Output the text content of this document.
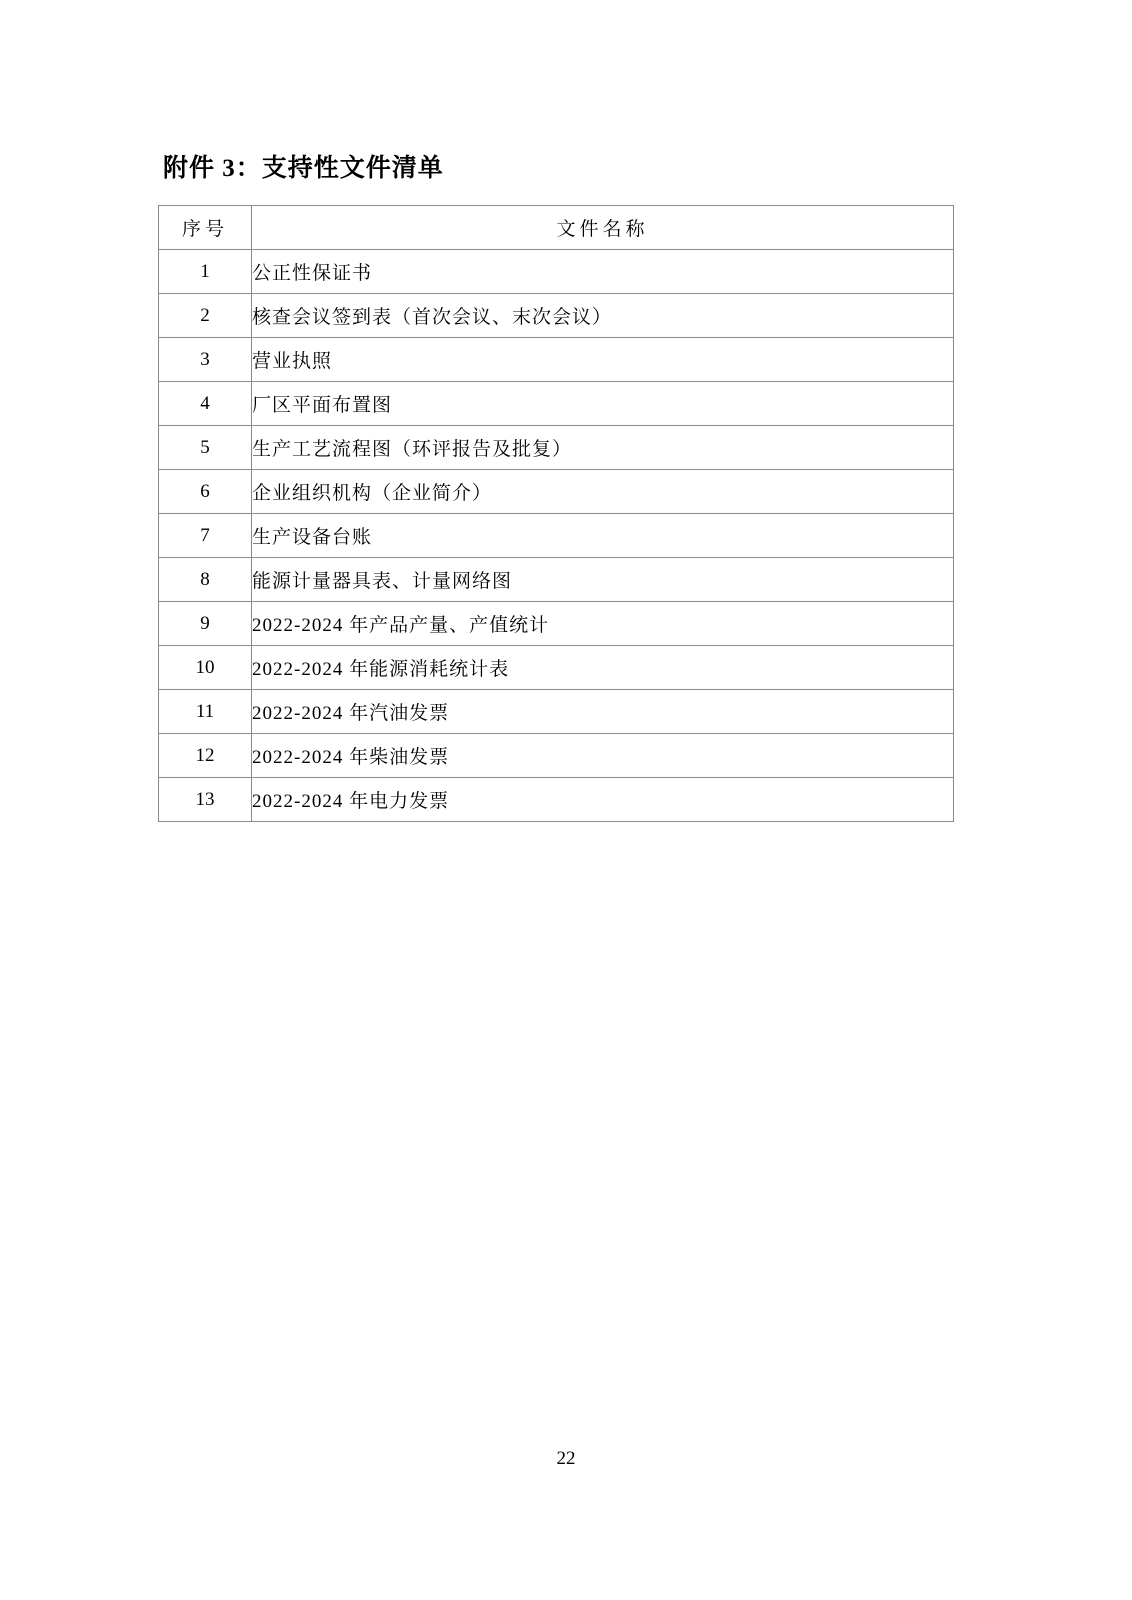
附件 3：支持性文件清单
序号	文件名称
1	公正性保证书
2	核查会议签到表（首次会议、末次会议）
3	营业执照
4	厂区平面布置图
5	生产工艺流程图（环评报告及批复）
6	企业组织机构（企业简介）
7	生产设备台账
8	能源计量器具表、计量网络图
9	2022-2024 年产品产量、产值统计
10	2022-2024 年能源消耗统计表
11	2022-2024 年汽油发票
12	2022-2024 年柴油发票
13	2022-2024 年电力发票
22
